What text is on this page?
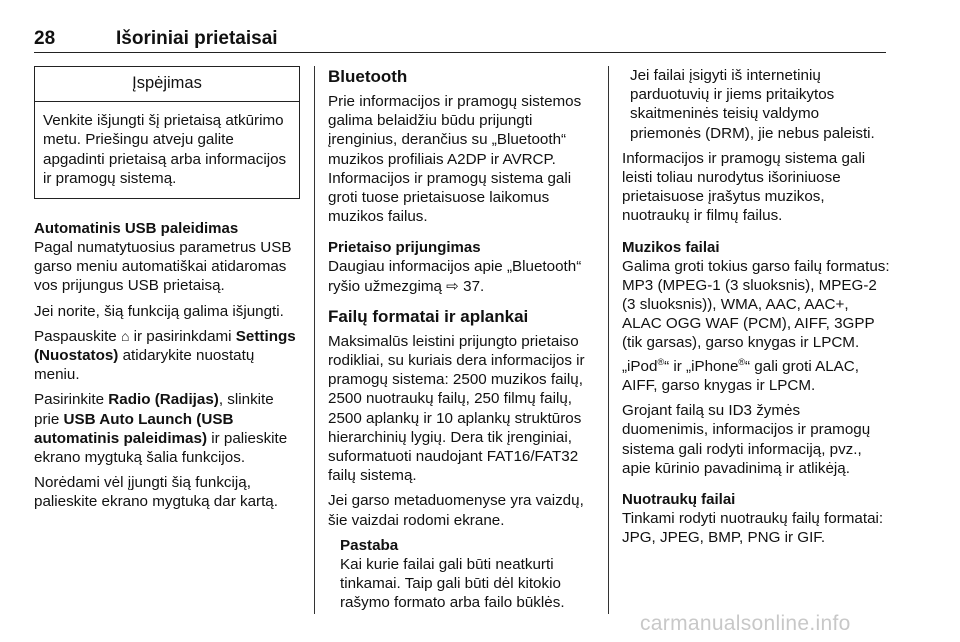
28	Išoriniai prietaisai
Įspėjimas
Venkite išjungti šį prietaisą atkūrimo metu. Priešingu atveju galite apgadinti prietaisą arba informacijos ir pramogų sistemą.
Automatinis USB paleidimas

Pagal numatytuosius parametrus USB garso meniu automatiškai atidaromas vos prijungus USB prietaisą.

Jei norite, šią funkciją galima išjungti.

Paspauskite ⌂ ir pasirinkdami Settings (Nuostatos) atidarykite nuostatų meniu.

Pasirinkite Radio (Radijas), slinkite prie USB Auto Launch (USB automatinis paleidimas) ir palieskite ekrano mygtuką šalia funkcijos.

Norėdami vėl įjungti šią funkciją, palieskite ekrano mygtuką dar kartą.

Bluetooth

Prie informacijos ir pramogų sistemos galima belaidžiu būdu prijungti įrenginius, derančius su „Bluetooth“ muzikos profiliais A2DP ir AVRCP. Informacijos ir pramogų sistema gali groti tuose prietaisuose laikomus muzikos failus.

Prietaiso prijungimas

Daugiau informacijos apie „Bluetooth“ ryšio užmezgimą ⇨ 37.

Failų formatai ir aplankai

Maksimalūs leistini prijungto prietaiso rodikliai, su kuriais dera informacijos ir pramogų sistema: 2500 muzikos failų, 2500 nuotraukų failų, 250 filmų failų, 2500 aplankų ir 10 aplankų struktūros hierarchinių lygių. Dera tik įrenginiai, suformatuoti naudojant FAT16/FAT32 failų sistemą.

Jei garso metaduomenyse yra vaizdų, šie vaizdai rodomi ekrane.

Pastaba
Kai kurie failai gali būti neatkurti tinkamai. Taip gali būti dėl kitokio rašymo formato arba failo būklės.

Jei failai įsigyti iš internetinių parduotuvių ir jiems pritaikytos skaitmeninės teisių valdymo priemonės (DRM), jie nebus paleisti.

Informacijos ir pramogų sistema gali leisti toliau nurodytus išoriniuose prietaisuose įrašytus muzikos, nuotraukų ir filmų failus.

Muzikos failai

Galima groti tokius garso failų formatus: MP3 (MPEG-1 (3 sluoksnis), MPEG-2 (3 sluoksnis)), WMA, AAC, AAC+, ALAC OGG WAF (PCM), AIFF, 3GPP (tik garsas), garso knygas ir LPCM. „iPod®“ ir „iPhone®“ gali groti ALAC, AIFF, garso knygas ir LPCM.

Grojant failą su ID3 žymės duomenimis, informacijos ir pramogų sistema gali rodyti informaciją, pvz., apie kūrinio pavadinimą ir atlikėją.

Nuotraukų failai

Tinkami rodyti nuotraukų failų formatai: JPG, JPEG, BMP, PNG ir GIF.

carmanualsonline.info
